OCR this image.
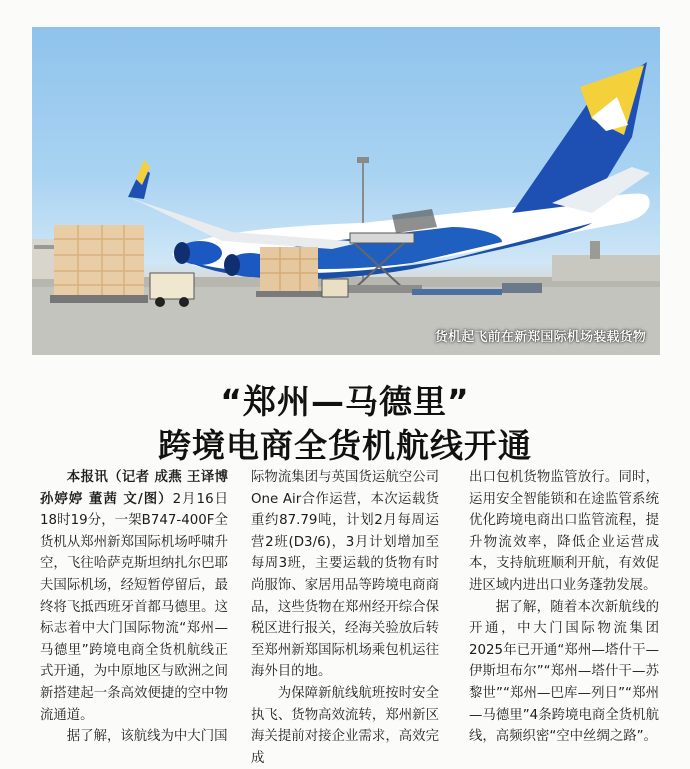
货机起飞前在新郑国际机场装载货物
“郑州—马德里”
跨境电商全货机航线开通

本报讯（记者 成燕 王译博 孙婷婷 董茜 文/图）2月16日18时19分，一架B747-400F全货机从郑州新郑国际机场呼啸升空，飞往哈萨克斯坦纳扎尔巴耶夫国际机场，经短暂停留后，最终将飞抵西班牙首都马德里。这标志着中大门国际物流“郑州—马德里”跨境电商全货机航线正式开通，为中原地区与欧洲之间新搭建起一条高效便捷的空中物流通道。

据了解，该航线为中大门国

际物流集团与英国货运航空公司One Air合作运营，本次运载货重约87.79吨，计划2月每周运营2班(D3/6)，3月计划增加至每周3班，主要运载的货物有时尚服饰、家居用品等跨境电商商品，这些货物在郑州经开综合保税区进行报关，经海关验放后转至郑州新郑国际机场乘包机运往海外目的地。

为保障新航线航班按时安全执飞、货物高效流转，郑州新区海关提前对接企业需求，高效完成

出口包机货物监管放行。同时，运用安全智能锁和在途监管系统优化跨境电商出口监管流程，提升物流效率，降低企业运营成本，支持航班顺利开航，有效促进区域内进出口业务蓬勃发展。

据了解，随着本次新航线的开通，中大门国际物流集团2025年已开通“郑州—塔什干—伊斯坦布尔”“郑州—塔什干—苏黎世”“郑州—巴库—列日”“郑州—马德里”4条跨境电商全货机航线，高频织密“空中丝绸之路”。
